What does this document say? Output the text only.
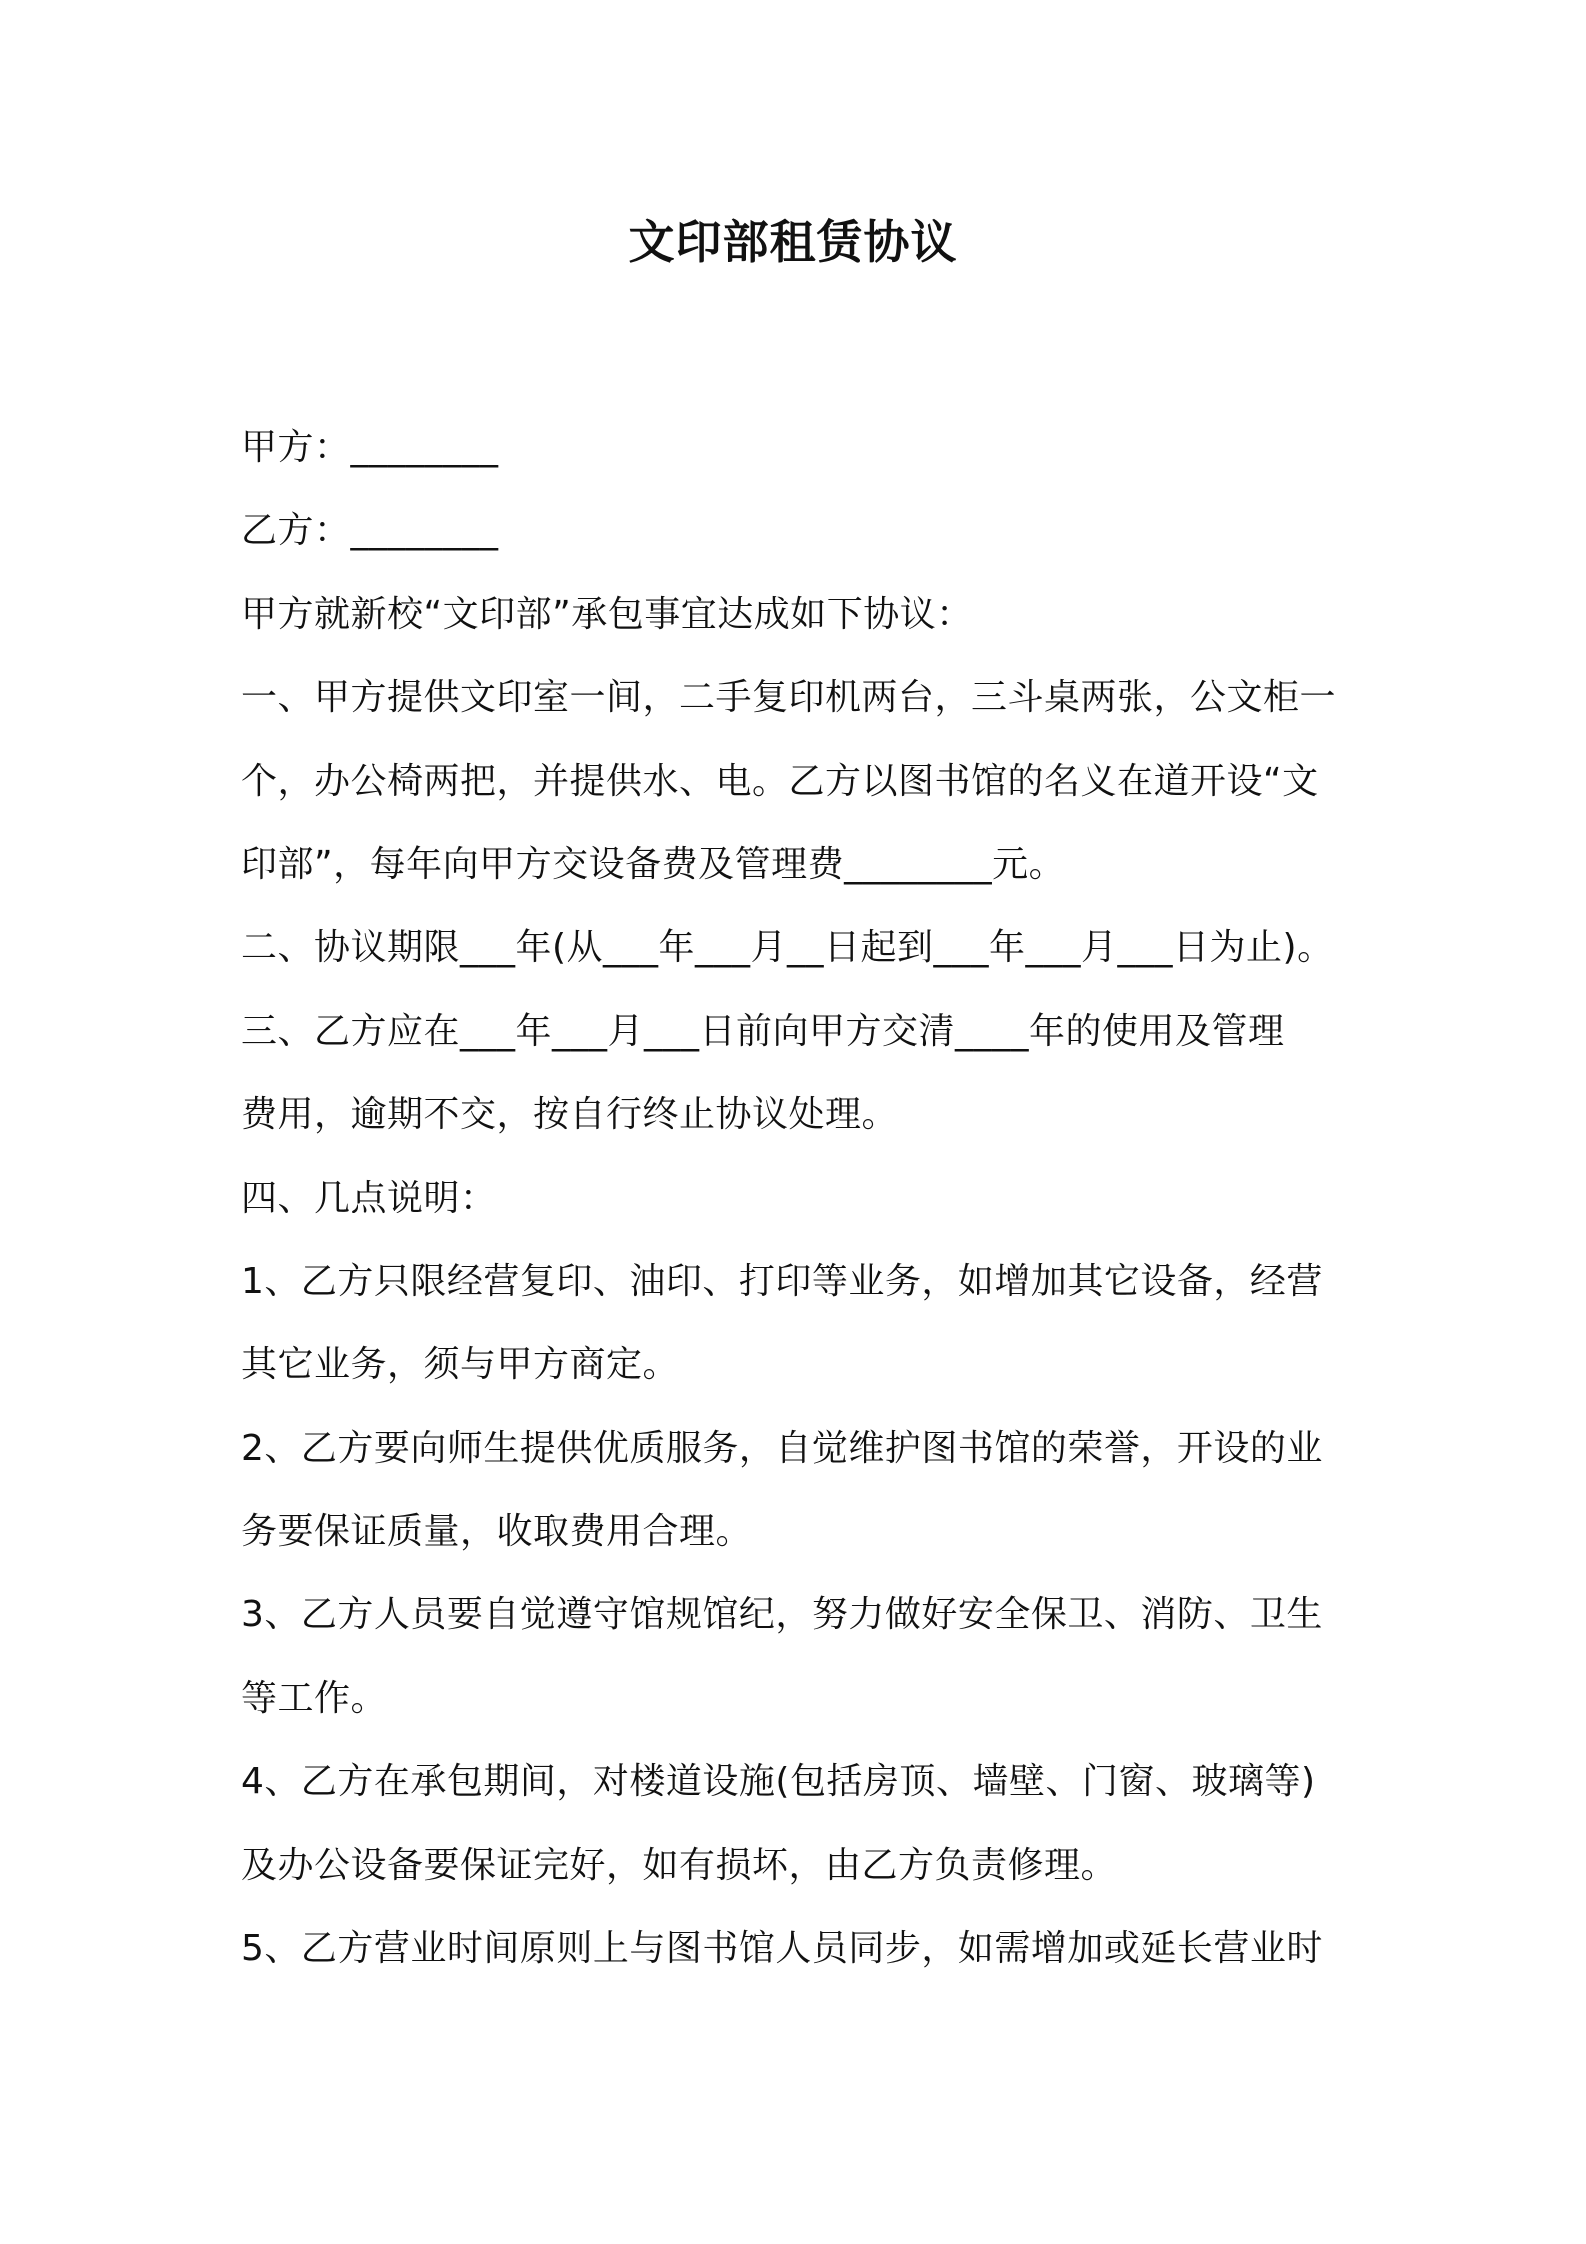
文印部租赁协议
甲方：________
乙方：________
甲方就新校“文印部”承包事宜达成如下协议：
一、甲方提供文印室一间，二手复印机两台，三斗桌两张，公文柜一
个，办公椅两把，并提供水、电。乙方以图书馆的名义在道开设“文
印部”，每年向甲方交设备费及管理费________元。
二、协议期限___年(从___年___月__日起到___年___月___日为止)。
三、乙方应在___年___月___日前向甲方交清____年的使用及管理
费用，逾期不交，按自行终止协议处理。
四、几点说明：
1、乙方只限经营复印、油印、打印等业务，如增加其它设备，经营
其它业务，须与甲方商定。
2、乙方要向师生提供优质服务，自觉维护图书馆的荣誉，开设的业
务要保证质量，收取费用合理。
3、乙方人员要自觉遵守馆规馆纪，努力做好安全保卫、消防、卫生
等工作。
4、乙方在承包期间，对楼道设施(包括房顶、墙壁、门窗、玻璃等)
及办公设备要保证完好，如有损坏，由乙方负责修理。
5、乙方营业时间原则上与图书馆人员同步，如需增加或延长营业时
